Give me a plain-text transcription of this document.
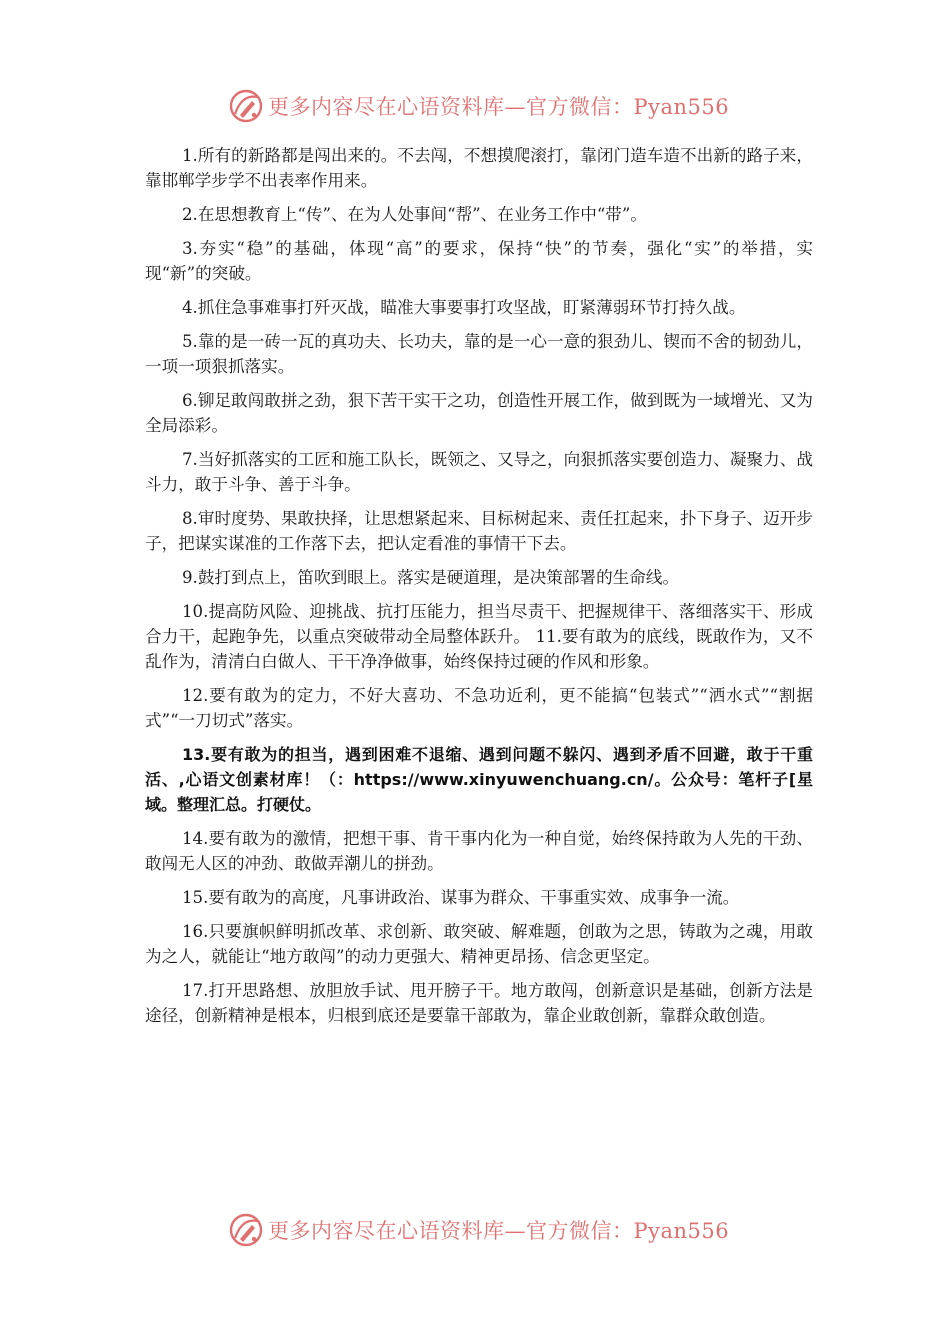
更多内容尽在心语资料库—官方微信：Pyan556

1.所有的新路都是闯出来的。不去闯，不想摸爬滚打，靠闭门造车造不出新的路子来，靠邯郸学步学不出表率作用来。

2.在思想教育上“传”、在为人处事间“帮”、在业务工作中“带”。

3.夯实“稳”的基础，体现“高”的要求，保持“快”的节奏，强化“实”的举措，实现“新”的突破。

4.抓住急事难事打歼灭战，瞄准大事要事打攻坚战，盯紧薄弱环节打持久战。

5.靠的是一砖一瓦的真功夫、长功夫，靠的是一心一意的狠劲儿、锲而不舍的韧劲儿，一项一项狠抓落实。

6.铆足敢闯敢拼之劲，狠下苦干实干之功，创造性开展工作，做到既为一域增光、又为全局添彩。

7.当好抓落实的工匠和施工队长，既领之、又导之，向狠抓落实要创造力、凝聚力、战斗力，敢于斗争、善于斗争。

8.审时度势、果敢抉择，让思想紧起来、目标树起来、责任扛起来，扑下身子、迈开步子，把谋实谋准的工作落下去，把认定看准的事情干下去。

9.鼓打到点上，笛吹到眼上。落实是硬道理，是决策部署的生命线。

10.提高防风险、迎挑战、抗打压能力，担当尽责干、把握规律干、落细落实干、形成合力干，起跑争先，以重点突破带动全局整体跃升。 11.要有敢为的底线，既敢作为，又不乱作为，清清白白做人、干干净净做事，始终保持过硬的作风和形象。

12.要有敢为的定力，不好大喜功、不急功近利，更不能搞“包装式”“洒水式”“割据式”“一刀切式”落实。

13.要有敢为的担当，遇到困难不退缩、遇到问题不躲闪、遇到矛盾不回避，敢于干重活、,心语文创素材库！（：https://www.xinyuwenchuang.cn/。公众号：笔杆子[星域。整理汇总。打硬仗。

14.要有敢为的激情，把想干事、肯干事内化为一种自觉，始终保持敢为人先的干劲、敢闯无人区的冲劲、敢做弄潮儿的拼劲。

15.要有敢为的高度，凡事讲政治、谋事为群众、干事重实效、成事争一流。

16.只要旗帜鲜明抓改革、求创新、敢突破、解难题，创敢为之思，铸敢为之魂，用敢为之人，就能让“地方敢闯”的动力更强大、精神更昂扬、信念更坚定。

17.打开思路想、放胆放手试、甩开膀子干。地方敢闯，创新意识是基础，创新方法是途径，创新精神是根本，归根到底还是要靠干部敢为，靠企业敢创新，靠群众敢创造。

更多内容尽在心语资料库—官方微信：Pyan556
